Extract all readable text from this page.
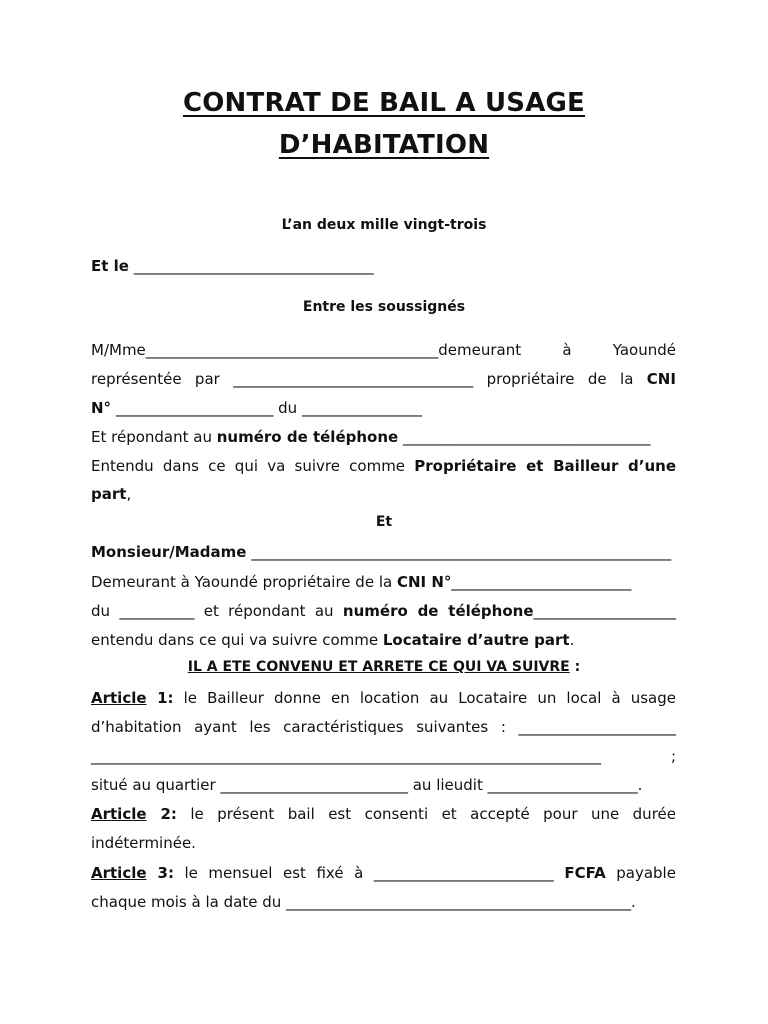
CONTRAT DE BAIL A USAGE
D’HABITATION
L’an deux mille vingt-trois
Et le ________________________________
Entre les soussignés
M/Mme_______________________________________demeurant à Yaoundé
représentée par ________________________________ propriétaire de la CNI
N° _____________________ du ________________
Et répondant au numéro de téléphone _________________________________
Entendu dans ce qui va suivre comme Propriétaire et Bailleur d’une
part,
Et
Monsieur/Madame ________________________________________________________
Demeurant à Yaoundé propriétaire de la CNI N°________________________
du __________ et répondant au numéro de téléphone___________________
entendu dans ce qui va suivre comme Locataire d’autre part.
IL A ETE CONVENU ET ARRETE CE QUI VA SUIVRE :
Article 1: le Bailleur donne en location au Locataire un local à usage
d’habitation ayant les caractéristiques suivantes : _____________________
____________________________________________________________________	;
situé au quartier _________________________ au lieudit ____________________.
Article 2: le présent bail est consenti et accepté pour une durée
indéterminée.
Article 3: le mensuel est fixé à ________________________ FCFA payable
chaque mois à la date du ______________________________________________.
